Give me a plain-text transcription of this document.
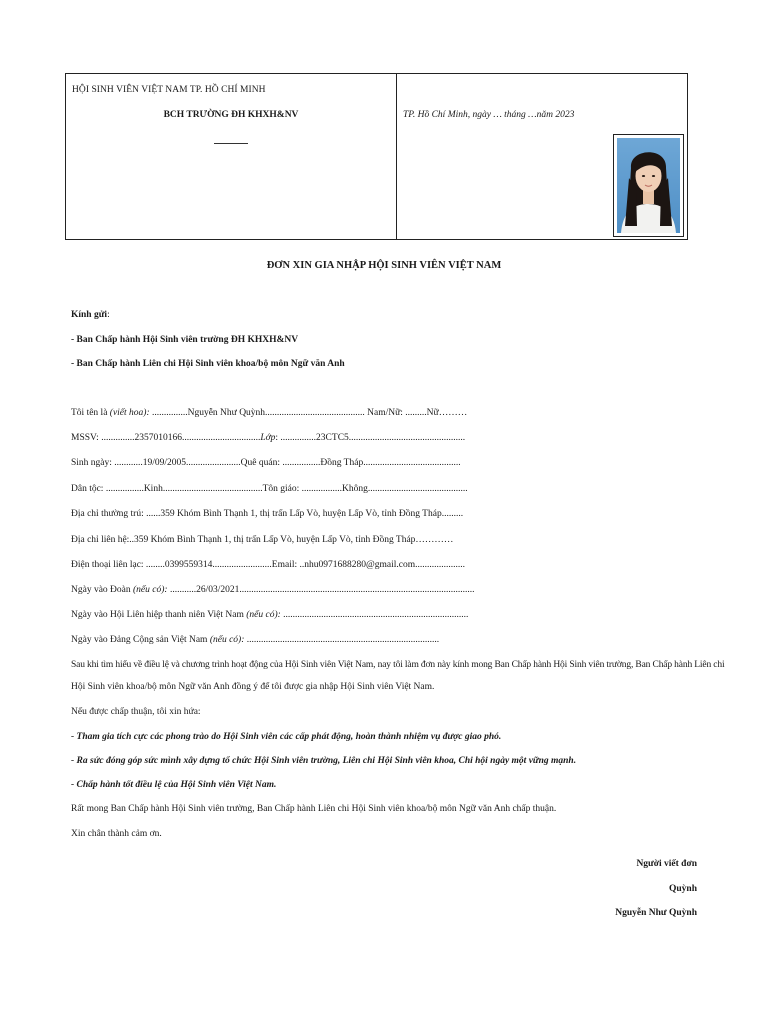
HỘI SINH VIÊN VIỆT NAM TP. HỒ CHÍ MINH
BCH TRƯỜNG ĐH KHXH&NV	TP. Hồ Chí Minh, ngày … tháng …năm 2023
ĐƠN XIN GIA NHẬP HỘI SINH VIÊN VIỆT NAM
Kính gửi:
- Ban Chấp hành Hội Sinh viên trường ĐH KHXH&NV
- Ban Chấp hành Liên chi Hội Sinh viên khoa/bộ môn Ngữ văn Anh
Tôi tên là (viết hoa): ...............Nguyễn Như Quỳnh.......................................... Nam/Nữ: .........Nữ………
MSSV: ..............2357010166.................................Lớp: ...............23CTC5.................................................
Sinh ngày: ............19/09/2005.......................Quê quán: ................Đồng Tháp.........................................
Dân tộc: ................Kinh..........................................Tôn giáo: .................Không..........................................
Địa chỉ thường trú: ......359 Khóm Bình Thạnh 1, thị trấn Lấp Vò, huyện Lấp Vò, tỉnh Đồng Tháp.........
Địa chỉ liên hệ:..359 Khóm Bình Thạnh 1, thị trấn Lấp Vò, huyện Lấp Vò, tỉnh Đồng Tháp…………
Điện thoại liên lạc: ........0399559314.........................Email: ..nhu0971688280@gmail.com.....................
Ngày vào Đoàn (nếu có): ...........26/03/2021...................................................................................................
Ngày vào Hội Liên hiệp thanh niên Việt Nam (nếu có): ..............................................................................
Ngày vào Đảng Cộng sản Việt Nam (nếu có): .................................................................................
Sau khi tìm hiểu về điều lệ và chương trình hoạt động của Hội Sinh viên Việt Nam, nay tôi làm đơn này kính mong Ban Chấp hành Hội Sinh viên trường, Ban Chấp hành Liên chi
Hội Sinh viên khoa/bộ môn Ngữ văn Anh đồng ý để tôi được gia nhập Hội Sinh viên Việt Nam.
Nếu được chấp thuận, tôi xin hứa:
- Tham gia tích cực các phong trào do Hội Sinh viên các cấp phát động, hoàn thành nhiệm vụ được giao phó.
- Ra sức đóng góp sức mình xây dựng tổ chức Hội Sinh viên trường, Liên chi Hội Sinh viên khoa, Chi hội ngày một vững mạnh.
- Chấp hành tốt điều lệ của Hội Sinh viên Việt Nam.
Rất mong Ban Chấp hành Hội Sinh viên trường, Ban Chấp hành Liên chi Hội Sinh viên khoa/bộ môn Ngữ văn Anh chấp thuận.
Xin chân thành cảm ơn.
Người viết đơn
Quỳnh
Nguyễn Như Quỳnh
